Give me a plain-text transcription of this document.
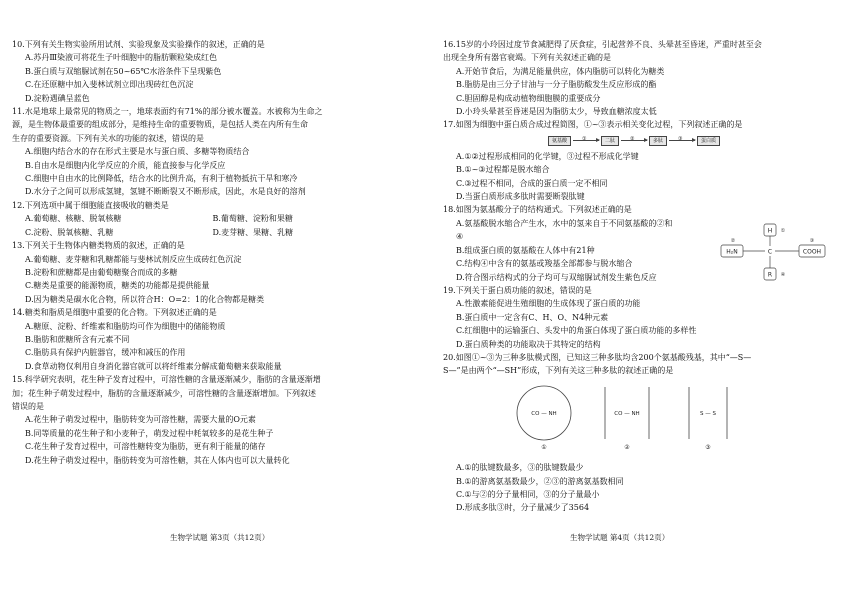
10.下列有关生物实验所用试剂、实验现象及实验操作的叙述，正确的是
A.苏丹Ⅲ染液可将花生子叶细胞中的脂肪颗粒染成红色
B.蛋白质与双缩脲试剂在50~65℃水浴条件下呈现紫色
C.在还原糖中加入斐林试剂立即出现砖红色沉淀
D.淀粉遇碘呈蓝色
11.水是地球上最常见的物质之一，地球表面约有71%的部分被水覆盖。水被称为生命之
源，是生物体最重要的组成部分，是维持生命的重要物质，是包括人类在内所有生命
生存的重要资源。下列有关水的功能的叙述，错误的是
A.细胞内结合水的存在形式主要是水与蛋白质、多糖等物质结合
B.自由水是细胞内化学反应的介质，能直接参与化学反应
C.细胞中自由水的比例降低，结合水的比例升高，有利于植物抵抗干旱和寒冷
D.水分子之间可以形成氢键，氢键不断断裂又不断形成，因此，水是良好的溶剂
12.下列选项中属于细胞能直接吸收的糖类是
A.葡萄糖、核糖、脱氧核糖	B.葡萄糖、淀粉和果糖
C.淀粉、脱氧核糖、乳糖	D.麦芽糖、果糖、乳糖
13.下列关于生物体内糖类物质的叙述，正确的是
A.葡萄糖、麦芽糖和乳糖都能与斐林试剂反应生成砖红色沉淀
B.淀粉和蔗糖都是由葡萄糖聚合而成的多糖
C.糖类是重要的能源物质，糖类的功能都是提供能量
D.因为糖类是碳水化合物，所以符合H：O=2：1的化合物都是糖类
14.糖类和脂质是细胞中重要的化合物。下列叙述正确的是
A.糖原、淀粉、纤维素和脂肪均可作为细胞中的储能物质
B.脂肪和蔗糖所含有元素不同
C.脂肪具有保护内脏器官，缓冲和减压的作用
D.食草动物仅利用自身消化器官就可以将纤维素分解成葡萄糖来获取能量
15.科学研究表明，花生种子发育过程中，可溶性糖的含量逐渐减少，脂肪的含量逐渐增
加；花生种子萌发过程中，脂肪的含量逐渐减少，可溶性糖的含量逐渐增加。下列叙述
错误的是
A.花生种子萌发过程中，脂肪转变为可溶性糖，需要大量的O元素
B.同等质量的花生种子和小麦种子，萌发过程中耗氧较多的是花生种子
C.花生种子发育过程中，可溶性糖转变为脂肪，更有利于能量的储存
D.花生种子萌发过程中，脂肪转变为可溶性糖，其在人体内也可以大量转化
生物学试题 第3页（共12页）
16.15岁的小玲因过度节食减肥得了厌食症，引起营养不良、头晕甚至昏迷，严重时甚至会
出现全身所有器官衰竭。下列有关叙述正确的是
A.开始节食后，为满足能量供应，体内脂肪可以转化为糖类
B.脂肪是由三分子甘油与一分子脂肪酸发生反应形成的酯
C.胆固醇是构成动植物细胞膜的重要成分
D.小玲头晕甚至昏迷是因为脂肪太少，导致血糖浓度太低
17.如图为细胞中蛋白质合成过程简图，①~③表示相关变化过程，下列叙述正确的是
氨基酸	①	二肽	②	多肽	③	蛋白质
A.①②过程形成相同的化学键，③过程不形成化学键
B.①~③过程都是脱水缩合
C.③过程不相同，合成的蛋白质一定不相同
D.当蛋白质形成多肽时需要断裂肽键
18.如图为氨基酸分子的结构通式。下列叙述正确的是
A.氨基酸脱水缩合产生水，水中的氢来自于不同氨基酸的②和
④
B.组成蛋白质的氨基酸在人体中有21种
C.结构④中含有的氨基或羧基全部都参与脱水缩合
D.符合图示结构式的分子均可与双缩脲试剂发生紫色反应
C
H
R
H₂N	COOH
①
②	③
④
19.下列关于蛋白质功能的叙述，错误的是
A.性激素能促进生殖细胞的生成体现了蛋白质的功能
B.蛋白质中一定含有C、H、O、N4种元素
C.红细胞中的运输蛋白、头发中的角蛋白体现了蛋白质功能的多样性
D.蛋白质种类的功能取决于其特定的结构
20.如图①~③为三种多肽模式图，已知这三种多肽均含200个氨基酸残基，其中“—S—
S—”是由两个“—SH”形成，下列有关这三种多肽的叙述正确的是
CO — NH	CO — NH	S — S
①	②	③
A.①的肽键数最多，③的肽键数最少
B.①的游离氨基数最少，②③的游离氨基数相同
C.①与②的分子量相同，③的分子量最小
D.形成多肽③时，分子量减少了3564
生物学试题 第4页（共12页）
